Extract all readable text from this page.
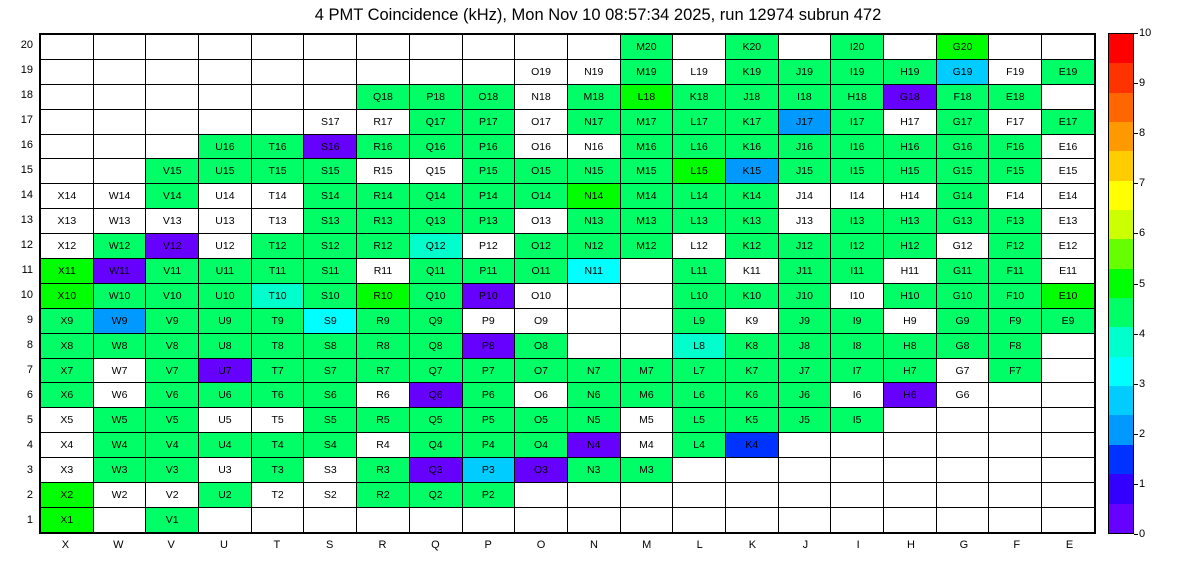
4 PMT Coincidence (kHz), Mon Nov 10 08:57:34 2025, run 12974 subrun 472
											M20		K20		I20		G20		
									O19	N19	M19	L19	K19	J19	I19	H19	G19	F19	E19
						Q18	P18	O18	N18	M18	L18	K18	J18	I18	H18	G18	F18	E18	
					S17	R17	Q17	P17	O17	N17	M17	L17	K17	J17	I17	H17	G17	F17	E17
			U16	T16	S16	R16	Q16	P16	O16	N16	M16	L16	K16	J16	I16	H16	G16	F16	E16
		V15	U15	T15	S15	R15	Q15	P15	O15	N15	M15	L15	K15	J15	I15	H15	G15	F15	E15
X14	W14	V14	U14	T14	S14	R14	Q14	P14	O14	N14	M14	L14	K14	J14	I14	H14	G14	F14	E14
X13	W13	V13	U13	T13	S13	R13	Q13	P13	O13	N13	M13	L13	K13	J13	I13	H13	G13	F13	E13
X12	W12	V12	U12	T12	S12	R12	Q12	P12	O12	N12	M12	L12	K12	J12	I12	H12	G12	F12	E12
X11	W11	V11	U11	T11	S11	R11	Q11	P11	O11	N11		L11	K11	J11	I11	H11	G11	F11	E11
X10	W10	V10	U10	T10	S10	R10	Q10	P10	O10			L10	K10	J10	I10	H10	G10	F10	E10
X9	W9	V9	U9	T9	S9	R9	Q9	P9	O9			L9	K9	J9	I9	H9	G9	F9	E9
X8	W8	V8	U8	T8	S8	R8	Q8	P8	O8			L8	K8	J8	I8	H8	G8	F8	
X7	W7	V7	U7	T7	S7	R7	Q7	P7	O7	N7	M7	L7	K7	J7	I7	H7	G7	F7	
X6	W6	V6	U6	T6	S6	R6	Q6	P6	O6	N6	M6	L6	K6	J6	I6	H6	G6		
X5	W5	V5	U5	T5	S5	R5	Q5	P5	O5	N5	M5	L5	K5	J5	I5				
X4	W4	V4	U4	T4	S4	R4	Q4	P4	O4	N4	M4	L4	K4						
X3	W3	V3	U3	T3	S3	R3	Q3	P3	O3	N3	M3								
X2	W2	V2	U2	T2	S2	R2	Q2	P2											
X1		V1																	
20
19
18
17
16
15
14
13
12
11
10
9
8
7
6
5
4
3
2
1
X	W	V	U	T	S	R	Q	P	O	N	M	L	K	J	I	H	G	F	E
0
1
2
3
4
5
6
7
8
9
10
